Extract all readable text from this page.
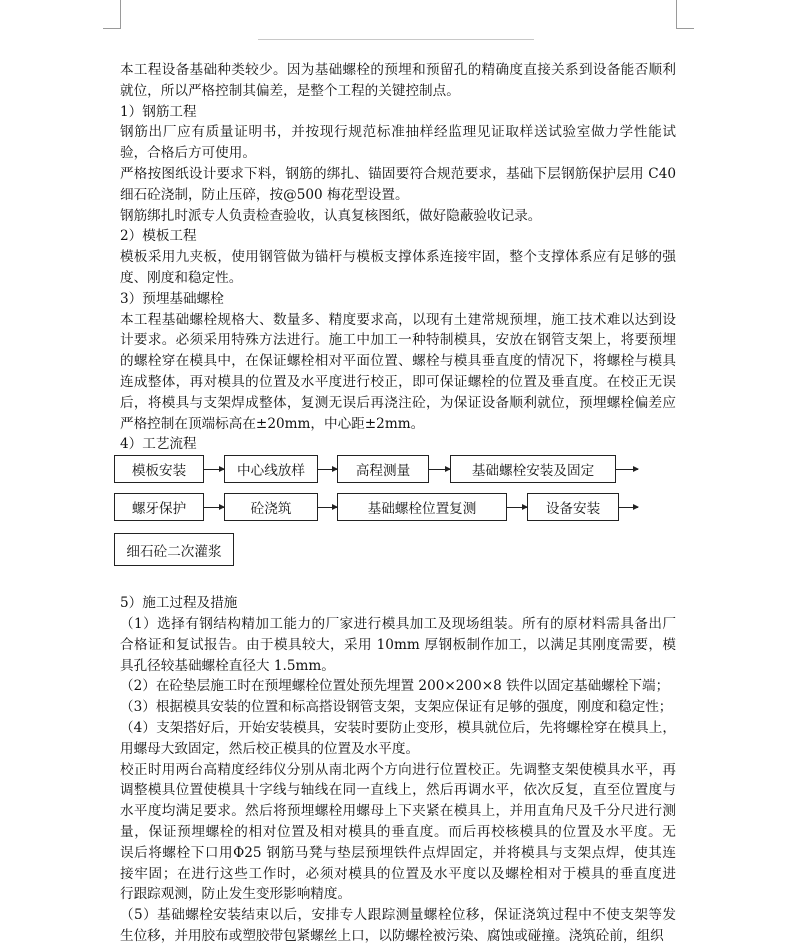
本工程设备基础种类较少。因为基础螺栓的预埋和预留孔的精确度直接关系到设备能否顺利
就位，所以严格控制其偏差，是整个工程的关键控制点。
1）钢筋工程
钢筋出厂应有质量证明书，并按现行规范标准抽样经监理见证取样送试验室做力学性能试
验，合格后方可使用。
严格按图纸设计要求下料，钢筋的绑扎、锚固要符合规范要求，基础下层钢筋保护层用 C40
细石砼浇制，防止压碎，按@500 梅花型设置。
钢筋绑扎时派专人负责检查验收，认真复核图纸，做好隐蔽验收记录。
2）模板工程
模板采用九夹板，使用钢管做为锚杆与模板支撑体系连接牢固，整个支撑体系应有足够的强
度、刚度和稳定性。
3）预埋基础螺栓
本工程基础螺栓规格大、数量多、精度要求高，以现有土建常规预埋，施工技术难以达到设
计要求。必须采用特殊方法进行。施工中加工一种特制模具，安放在钢管支架上，将要预埋
的螺栓穿在模具中，在保证螺栓相对平面位置、螺栓与模具垂直度的情况下，将螺栓与模具
连成整体，再对模具的位置及水平度进行校正，即可保证螺栓的位置及垂直度。在校正无误
后，将模具与支架焊成整体，复测无误后再浇注砼，为保证设备顺利就位，预埋螺栓偏差应
严格控制在顶端标高在±20mm，中心距±2mm。
4）工艺流程
模板安装	中心线放样	高程测量	基础螺栓安装及固定
螺牙保护	砼浇筑	基础螺栓位置复测	设备安装
细石砼二次灌浆
5）施工过程及措施
（1）选择有钢结构精加工能力的厂家进行模具加工及现场组装。所有的原材料需具备出厂
合格证和复试报告。由于模具较大，采用 10mm 厚钢板制作加工，以满足其刚度需要，模
具孔径较基础螺栓直径大 1.5mm。
（2）在砼垫层施工时在预埋螺栓位置处预先埋置 200×200×8 铁件以固定基础螺栓下端；
（3）根据模具安装的位置和标高搭设钢管支架，支架应保证有足够的强度，刚度和稳定性；
（4）支架搭好后，开始安装模具，安装时要防止变形，模具就位后，先将螺栓穿在模具上，
用螺母大致固定，然后校正模具的位置及水平度。
校正时用两台高精度经纬仪分别从南北两个方向进行位置校正。先调整支架使模具水平，再
调整模具位置使模具十字线与轴线在同一直线上，然后再调水平，依次反复，直至位置度与
水平度均满足要求。然后将预埋螺栓用螺母上下夹紧在模具上，并用直角尺及千分尺进行测
量，保证预埋螺栓的相对位置及相对模具的垂直度。而后再校核模具的位置及水平度。无
误后将螺栓下口用Φ25 钢筋马凳与垫层预埋铁件点焊固定，并将模具与支架点焊，使其连
接牢固；在进行这些工作时，必须对模具的位置及水平度以及螺栓相对于模具的垂直度进
行跟踪观测，防止发生变形影响精度。
（5）基础螺栓安装结束以后，安排专人跟踪测量螺栓位移，保证浇筑过程中不使支架等发
生位移，并用胶布或塑胶带包紧螺丝上口，以防螺栓被污染、腐蚀或碰撞。浇筑砼前，组织
